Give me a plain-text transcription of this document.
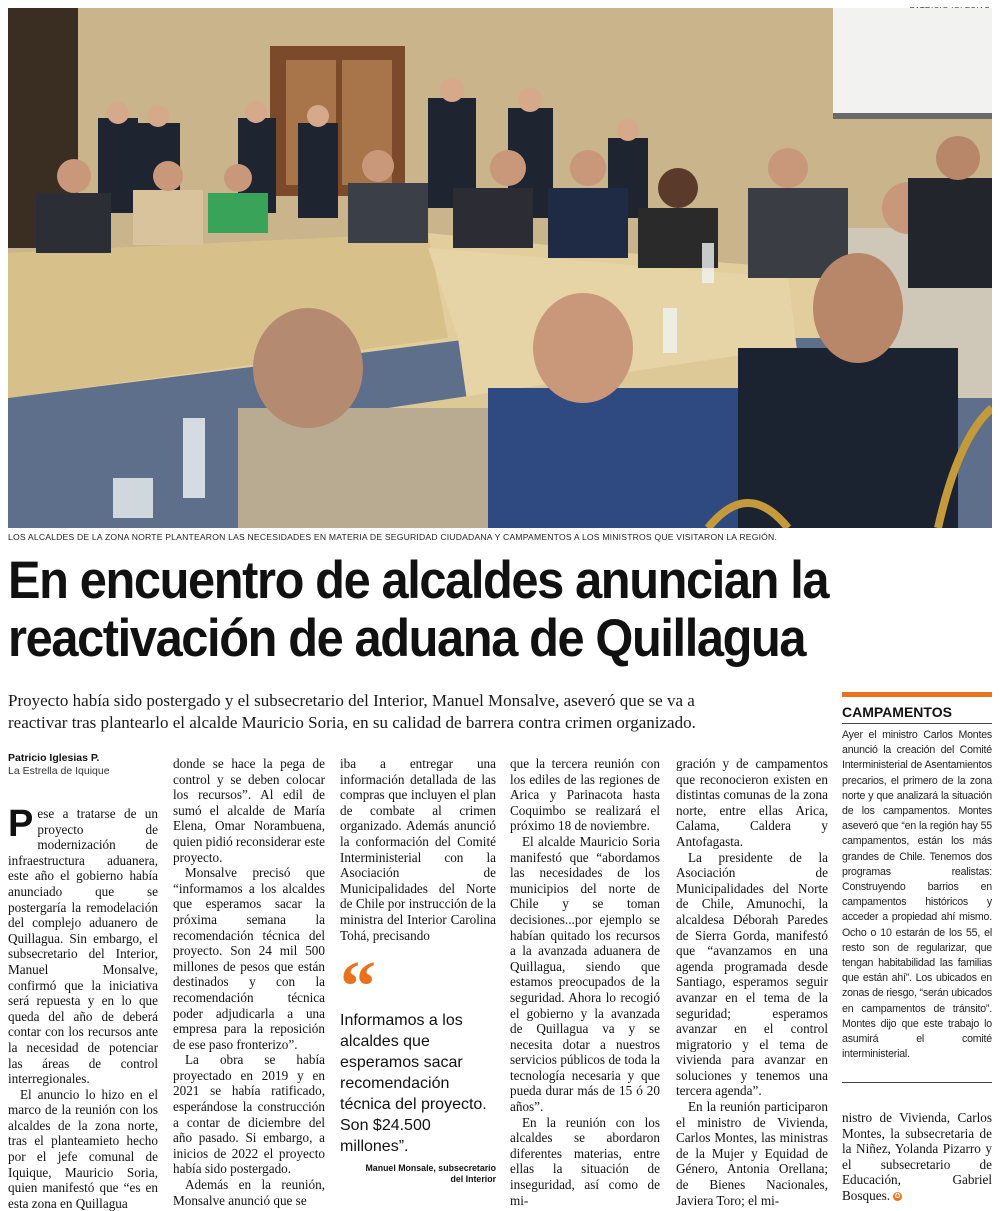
LOS ALCALDES DE LA ZONA NORTE PLANTEARON LAS NECESIDADES EN MATERIA DE SEGURIDAD CIUDADANA Y CAMPAMENTOS A LOS MINISTROS QUE VISITARON LA REGIÓN.
En encuentro de alcaldes anuncian la
reactivación de aduana de Quillagua
Proyecto había sido postergado y el subsecretario del Interior, Manuel Monsalve, aseveró que se va a
reactivar tras plantearlo el alcalde Mauricio Soria, en su calidad de barrera contra crimen organizado.
Patricio Iglesias P.
La Estrella de Iquique

Pese a tratarse de un proyecto de modernización de infraestructura aduanera, este año el gobierno había anunciado que se postergaría la remodelación del complejo aduanero de Quillagua. Sin embargo, el subsecretario del Interior, Manuel Monsalve, confirmó que la iniciativa será repuesta y en lo que queda del año de deberá contar con los recursos ante la necesidad de potenciar las áreas de control interregionales.

El anuncio lo hizo en el marco de la reunión con los alcaldes de la zona norte, tras el planteamieto hecho por el jefe comunal de Iquique, Mauricio Soria, quien manifestó que “es en esta zona en Quillagua

donde se hace la pega de control y se deben colocar los recursos”. Al edil de sumó el alcalde de María Elena, Omar Norambuena, quien pidió reconsiderar este proyecto.

Monsalve precisó que “informamos a los alcaldes que esperamos sacar la próxima semana la recomendación técnica del proyecto. Son 24 mil 500 millones de pesos que están destinados y con la recomendación técnica poder adjudicarla a una empresa para la reposición de ese paso fronterizo”.

La obra se había proyectado en 2019 y en 2021 se había ratificado, esperándose la construcción a contar de diciembre del año pasado. Si embargo, a inicios de 2022 el proyecto había sido postergado.

Además en la reunión, Monsalve anunció que se

iba a entregar una información detallada de las compras que incluyen el plan de combate al crimen organizado. Además anunció la conformación del Comité Interministerial con la Asociación de Municipalidades del Norte de Chile por instrucción de la ministra del Interior Carolina Tohá, precisando

“
Informamos a los alcaldes que esperamos sacar recomendación técnica del proyecto. Son $24.500 millones”.
Manuel Monsale, subsecretario
del Interior

que la tercera reunión con los ediles de las regiones de Arica y Parinacota hasta Coquimbo se realizará el próximo 18 de noviembre.

El alcalde Mauricio Soria manifestó que “abordamos las necesidades de los municipios del norte de Chile y se toman decisiones...por ejemplo se habían quitado los recursos a la avanzada aduanera de Quillagua, siendo que estamos preocupados de la seguridad. Ahora lo recogió el gobierno y la avanzada de Quillagua va y se necesita dotar a nuestros servicios públicos de toda la tecnología necesaria y que pueda durar más de 15 ó 20 años”.

En la reunión con los alcaldes se abordaron diferentes materias, entre ellas la situación de inseguridad, así como de mi-

gración y de campamentos que reconocieron existen en distintas comunas de la zona norte, entre ellas Arica, Calama, Caldera y Antofagasta.

La presidente de la Asociación de Municipalidades del Norte de Chile, Amunochi, la alcaldesa Déborah Paredes de Sierra Gorda, manifestó que “avanzamos en una agenda programada desde Santiago, esperamos seguir avanzar en el tema de la seguridad; esperamos avanzar en el control migratorio y el tema de vivienda para avanzar en soluciones y tenemos una tercera agenda”.

En la reunión participaron el ministro de Vivienda, Carlos Montes, las ministras de la Mujer y Equidad de Género, Antonia Orellana; de Bienes Nacionales, Javiera Toro; el mi-

CAMPAMENTOS

Ayer el ministro Carlos Montes anunció la creación del Comité Interministerial de Asentamientos precarios, el primero de la zona norte y que analizará la situación de los campamentos. Montes aseveró que “en la región hay 55 campamentos, están los más grandes de Chile. Tenemos dos programas realistas: Construyendo barrios en campamentos históricos y acceder a propiedad ahí mismo. Ocho o 10 estarán de los 55, el resto son de regularizar, que tengan habitabilidad las familias que están ahí”. Los ubicados en zonas de riesgo, “serán ubicados en campamentos de tránsito”. Montes dijo que este trabajo lo asumirá el comité interministerial.

nistro de Vivienda, Carlos Montes, la subsecretaria de la Niñez, Yolanda Pizarro y el subsecretario de Educación, Gabriel Bosques. ✪
